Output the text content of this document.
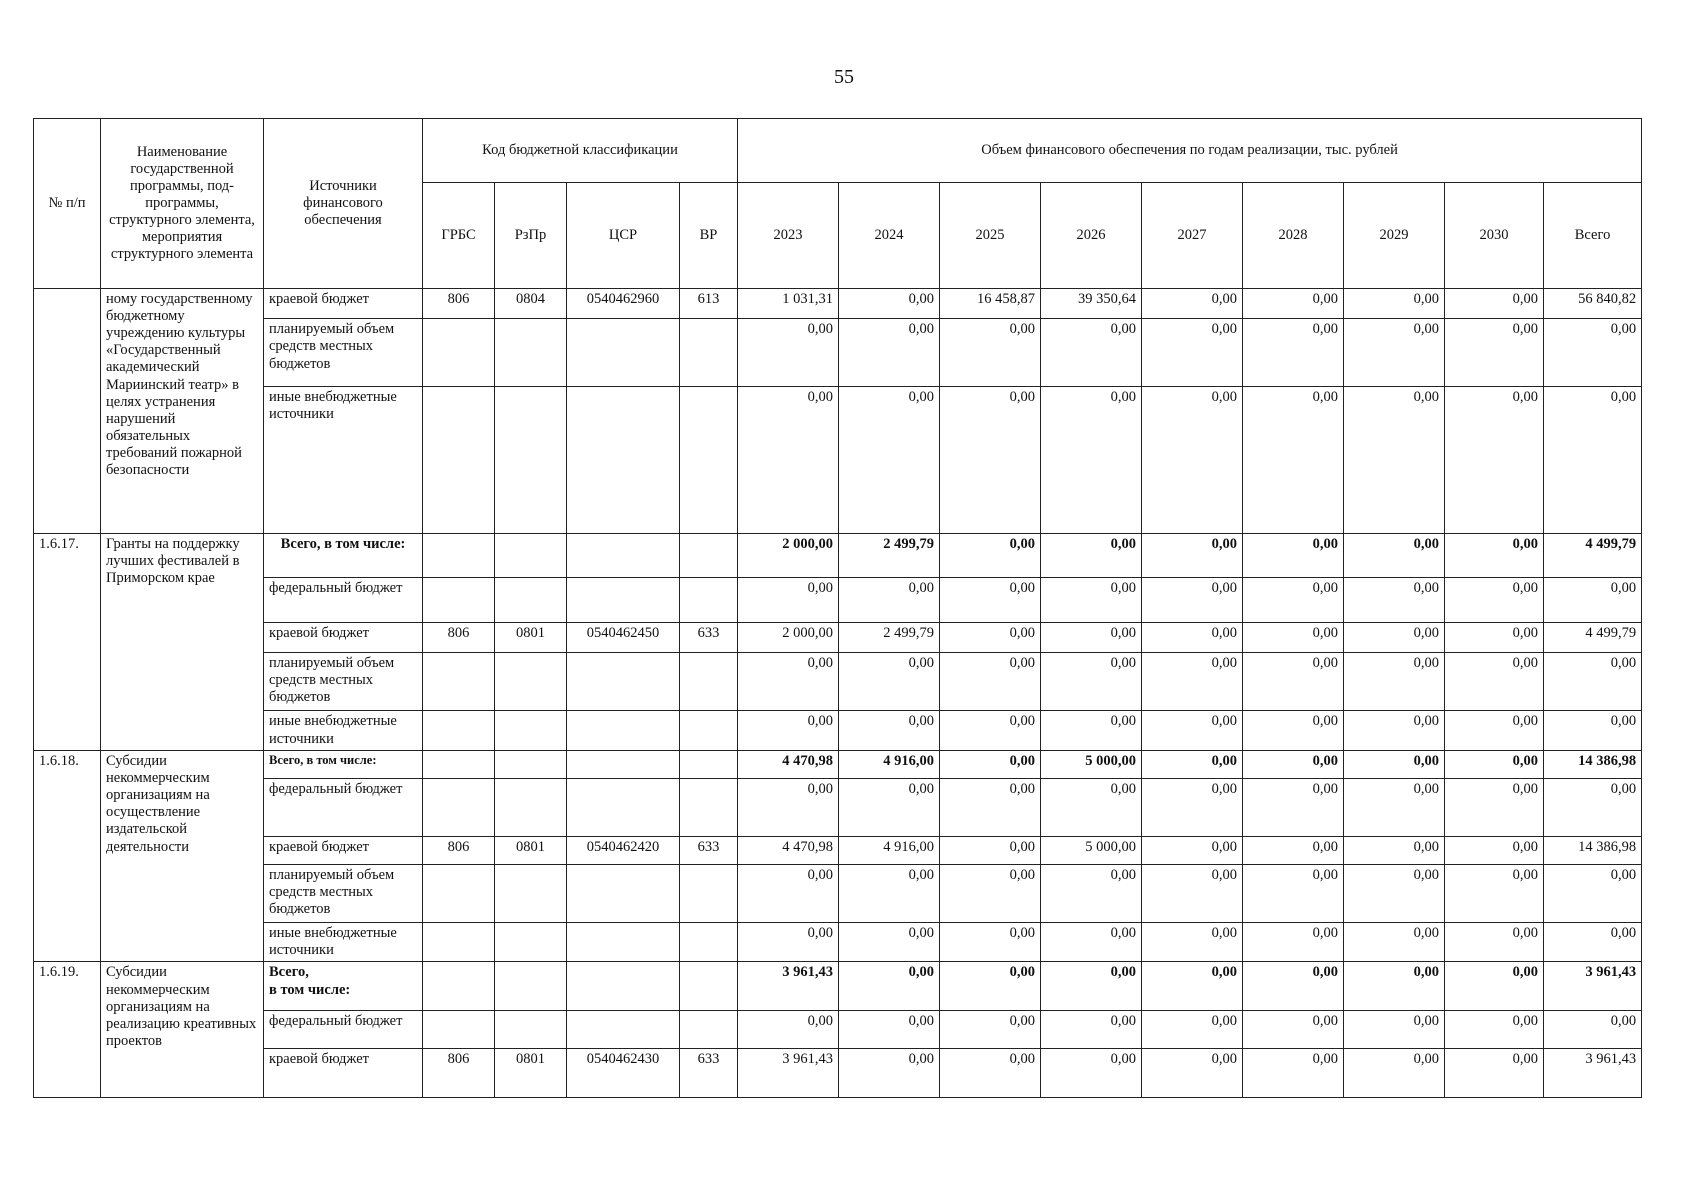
55
№ п/п	Наименование государственной программы, под-программы, структурного элемента, мероприятия структурного элемента	Источники финансового обеспечения	Код бюджетной классификации				Объем финансового обеспечения по годам реализации, тыс. рублей								
			ГРБС	РзПр	ЦСР	ВР	2023	2024	2025	2026	2027	2028	2029	2030	Всего
	ному государственному бюджетному учреждению культуры «Государственный академический Мариинский театр» в целях устранения нарушений обязательных требований пожарной безопасности	краевой бюджет	806	0804	0540462960	613	1 031,31	0,00	16 458,87	39 350,64	0,00	0,00	0,00	0,00	56 840,82
		планируемый объем средств местных бюджетов					0,00	0,00	0,00	0,00	0,00	0,00	0,00	0,00	0,00
		иные внебюджетные источники					0,00	0,00	0,00	0,00	0,00	0,00	0,00	0,00	0,00
1.6.17.	Гранты на поддержку лучших фестивалей в Приморском крае	Всего, в том числе:					2 000,00	2 499,79	0,00	0,00	0,00	0,00	0,00	0,00	4 499,79
		федеральный бюджет					0,00	0,00	0,00	0,00	0,00	0,00	0,00	0,00	0,00
		краевой бюджет	806	0801	0540462450	633	2 000,00	2 499,79	0,00	0,00	0,00	0,00	0,00	0,00	4 499,79
		планируемый объем средств местных бюджетов					0,00	0,00	0,00	0,00	0,00	0,00	0,00	0,00	0,00
		иные внебюджетные источники					0,00	0,00	0,00	0,00	0,00	0,00	0,00	0,00	0,00
1.6.18.	Субсидии некоммерческим организациям на осуществление издательской деятельности	Всего, в том числе:					4 470,98	4 916,00	0,00	5 000,00	0,00	0,00	0,00	0,00	14 386,98
		федеральный бюджет					0,00	0,00	0,00	0,00	0,00	0,00	0,00	0,00	0,00
		краевой бюджет	806	0801	0540462420	633	4 470,98	4 916,00	0,00	5 000,00	0,00	0,00	0,00	0,00	14 386,98
		планируемый объем средств местных бюджетов					0,00	0,00	0,00	0,00	0,00	0,00	0,00	0,00	0,00
		иные внебюджетные источники					0,00	0,00	0,00	0,00	0,00	0,00	0,00	0,00	0,00
1.6.19.	Субсидии некоммерческим организациям на реализацию креативных проектов	Всего,
в том числе:					3 961,43	0,00	0,00	0,00	0,00	0,00	0,00	0,00	3 961,43
		федеральный бюджет					0,00	0,00	0,00	0,00	0,00	0,00	0,00	0,00	0,00
		краевой бюджет	806	0801	0540462430	633	3 961,43	0,00	0,00	0,00	0,00	0,00	0,00	0,00	3 961,43
